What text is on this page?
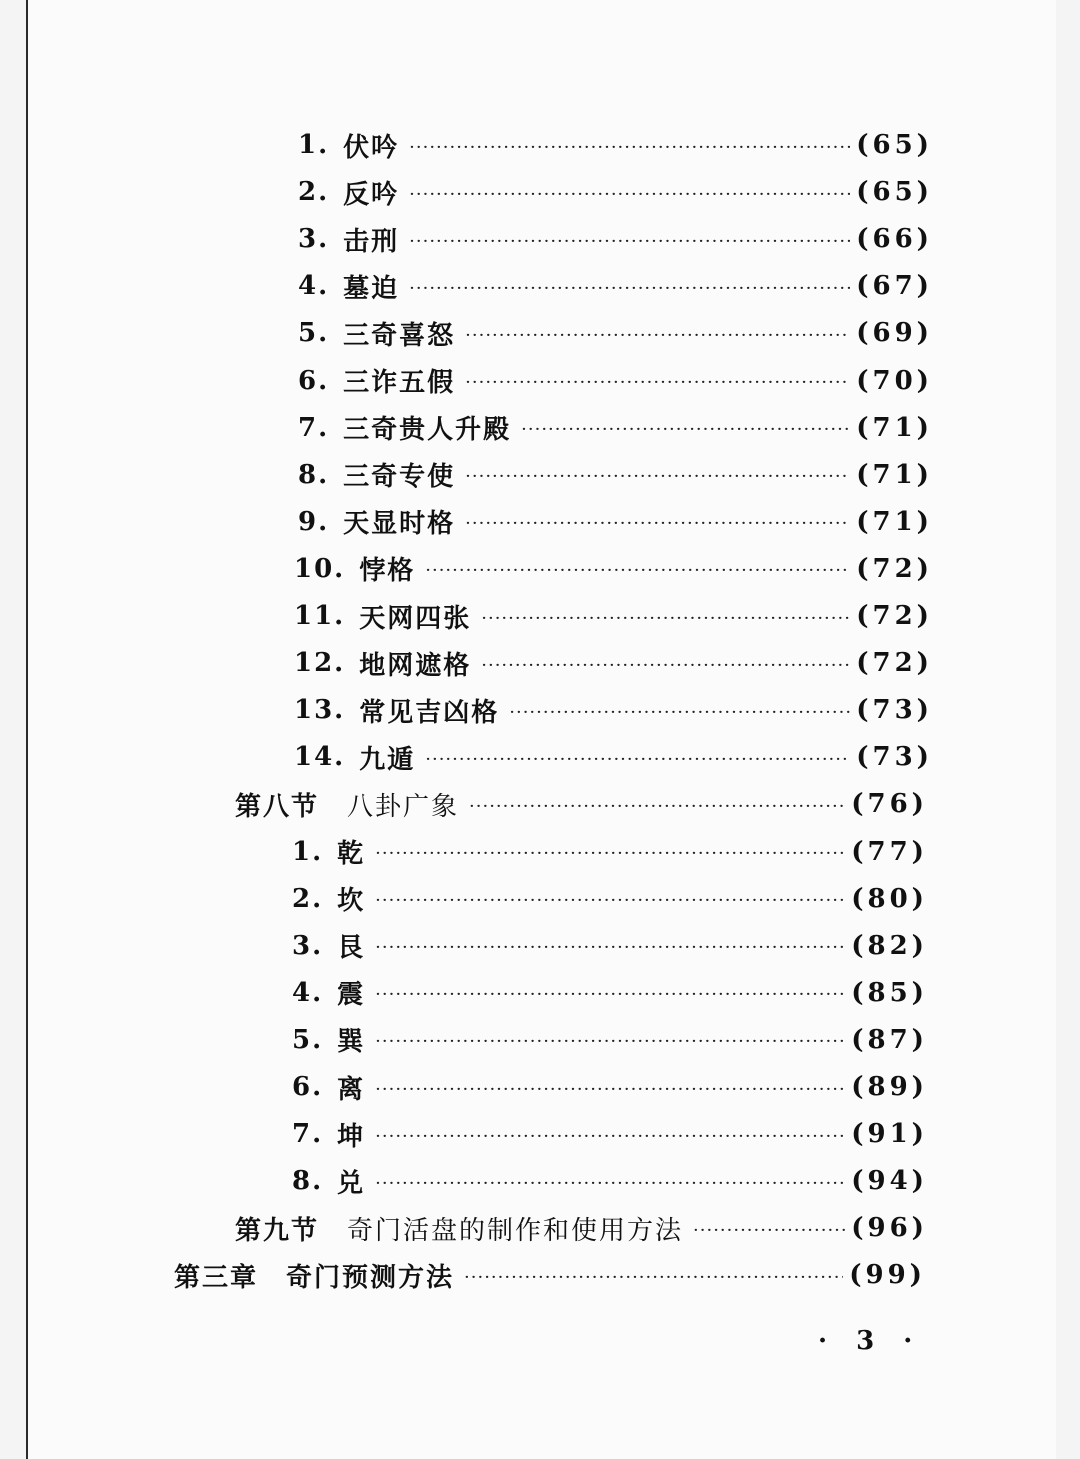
1. 伏吟 ·····	(65)
2. 反吟 ·····	(65)
3. 击刑 ·····	(66)
4. 墓迫 ·····	(67)
5. 三奇喜怒 ·····	(69)
6. 三诈五假 ·····	(70)
7. 三奇贵人升殿 ·····	(71)
8. 三奇专使 ·····	(71)
9. 天显时格 ·····	(71)
10. 悖格 ·····	(72)
11. 天网四张 ·····	(72)
12. 地网遮格 ·····	(72)
13. 常见吉凶格 ·····	(73)
14. 九遁 ·····	(73)
第八节 八卦广象 ·····	(76)
1. 乾 ·····	(77)
2. 坎 ·····	(80)
3. 艮 ·····	(82)
4. 震 ·····	(85)
5. 巽 ·····	(87)
6. 离 ·····	(89)
7. 坤 ·····	(91)
8. 兑 ·····	(94)
第九节 奇门活盘的制作和使用方法 ·····	(96)
第三章 奇门预测方法 ·····	(99)
· 3 ·
